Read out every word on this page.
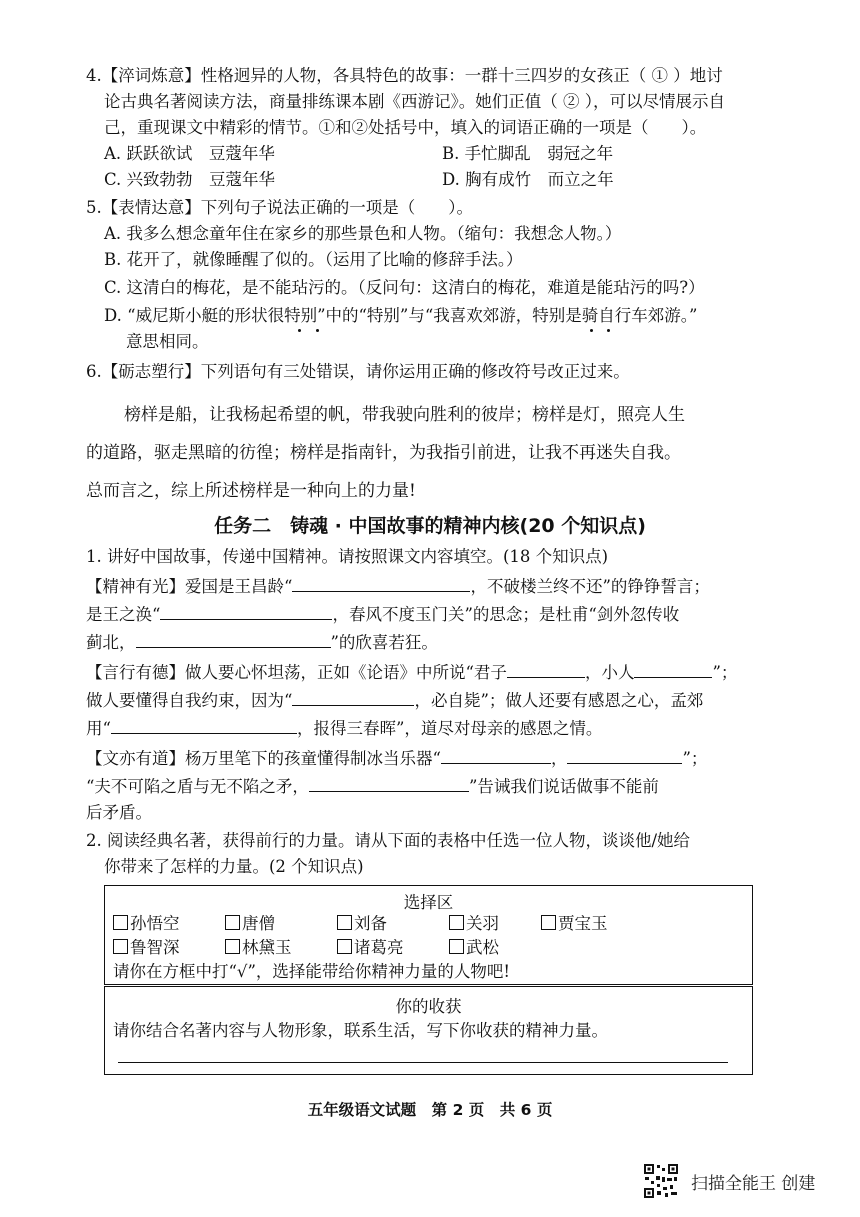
4.【淬词炼意】性格迥异的人物，各具特色的故事：一群十三四岁的女孩正（ ① ）地讨
论古典名著阅读方法，商量排练课本剧《西游记》。她们正值（ ② ），可以尽情展示自
己，重现课文中精彩的情节。①和②处括号中，填入的词语正确的一项是（　　）。
A. 跃跃欲试　豆蔻年华	B. 手忙脚乱　弱冠之年
C. 兴致勃勃　豆蔻年华	D. 胸有成竹　而立之年
5.【表情达意】下列句子说法正确的一项是（　　）。
A. 我多么想念童年住在家乡的那些景色和人物。（缩句：我想念人物。）
B. 花开了，就像睡醒了似的。（运用了比喻的修辞手法。）
C. 这清白的梅花，是不能玷污的。（反问句：这清白的梅花，难道是能玷污的吗?）
D. “威尼斯小艇的形状很特别”中的“特别”与“我喜欢郊游，特别是骑自行车郊游。”
意思相同。
6.【砺志塑行】下列语句有三处错误，请你运用正确的修改符号改正过来。
榜样是船，让我杨起希望的帆，带我驶向胜利的彼岸；榜样是灯，照亮人生
的道路，驱走黑暗的彷徨；榜样是指南针，为我指引前进，让我不再迷失自我。
总而言之，综上所述榜样是一种向上的力量!
任务二　铸魂 · 中国故事的精神内核(20 个知识点)
1. 讲好中国故事，传递中国精神。请按照课文内容填空。(18 个知识点)
【精神有光】爱国是王昌龄“	，不破楼兰终不还”的铮铮誓言；
是王之涣“	，春风不度玉门关”的思念；是杜甫“剑外忽传收
蓟北，	”的欣喜若狂。
【言行有德】做人要心怀坦荡，正如《论语》中所说“君子	，小人	”；
做人要懂得自我约束，因为“	，必自毙”；做人还要有感恩之心，孟郊
用“	，报得三春晖”，道尽对母亲的感恩之情。
【文亦有道】杨万里笔下的孩童懂得制冰当乐器“	，	”；
“夫不可陷之盾与无不陷之矛，	”告诫我们说话做事不能前
后矛盾。
2. 阅读经典名著，获得前行的力量。请从下面的表格中任选一位人物，谈谈他/她给
你带来了怎样的力量。(2 个知识点)
选择区
孙悟空	唐僧	刘备	关羽	贾宝玉
鲁智深	林黛玉	诸葛亮	武松
请你在方框中打“√”，选择能带给你精神力量的人物吧!
你的收获
请你结合名著内容与人物形象，联系生活，写下你收获的精神力量。
五年级语文试题　第 2 页　共 6 页
扫描全能王 创建
